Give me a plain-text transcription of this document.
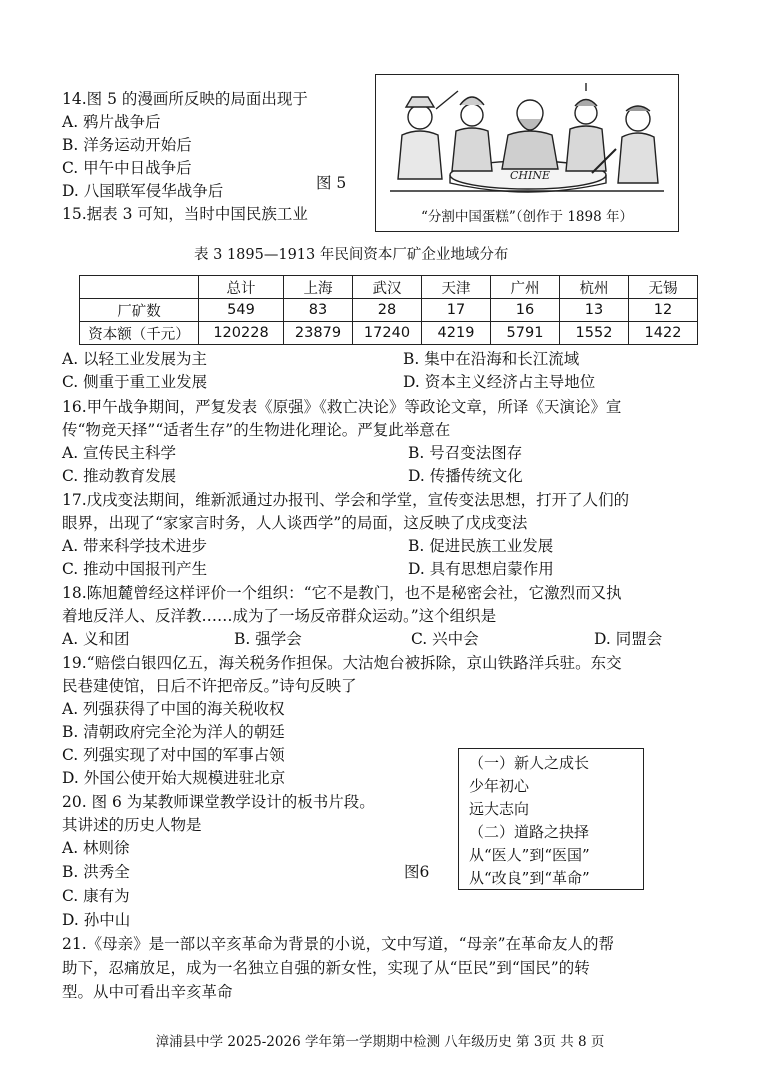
14.图 5 的漫画所反映的局面出现于
A. 鸦片战争后
B. 洋务运动开始后
C. 甲午中日战争后
D. 八国联军侵华战争后	图 5	CHINE
“分割中国蛋糕”（创作于 1898 年）
15.据表 3 可知，当时中国民族工业
表 3 1895—1913 年民间资本厂矿企业地域分布
	总计	上海	武汉	天津	广州	杭州	无锡
厂矿数	549	83	28	17	16	13	12
资本额（千元）	120228	23879	17240	4219	5791	1552	1422
A. 以轻工业发展为主	B. 集中在沿海和长江流域
C. 侧重于重工业发展	D. 资本主义经济占主导地位
16.甲午战争期间，严复发表《原强》《救亡决论》等政论文章，所译《天演论》宣
传“物竞天择”“适者生存”的生物进化理论。严复此举意在
A. 宣传民主科学	B. 号召变法图存
C. 推动教育发展	D. 传播传统文化
17.戊戌变法期间，维新派通过办报刊、学会和学堂，宣传变法思想，打开了人们的
眼界，出现了“家家言时务，人人谈西学”的局面，这反映了戊戌变法
A. 带来科学技术进步	B. 促进民族工业发展
C. 推动中国报刊产生	D. 具有思想启蒙作用
18.陈旭麓曾经这样评价一个组织：“它不是教门，也不是秘密会社，它激烈而又执
着地反洋人、反洋教……成为了一场反帝群众运动。”这个组织是
A. 义和团	B. 强学会	C. 兴中会	D. 同盟会
19.“赔偿白银四亿五，海关税务作担保。大沽炮台被拆除，京山铁路洋兵驻。东交
民巷建使馆，日后不许把帝反。”诗句反映了
A. 列强获得了中国的海关税收权
B. 清朝政府完全沦为洋人的朝廷
C. 列强实现了对中国的军事占领
D. 外国公使开始大规模进驻北京
20. 图 6 为某教师课堂教学设计的板书片段。
其讲述的历史人物是
A. 林则徐
B. 洪秀全
C. 康有为
D. 孙中山
图6
（一）新人之成长
少年初心
远大志向
（二）道路之抉择
从“医人”到“医国”
从“改良”到“革命”
21.《母亲》是一部以辛亥革命为背景的小说，文中写道，“母亲”在革命友人的帮
助下，忍痛放足，成为一名独立自强的新女性，实现了从“臣民”到“国民”的转
型。从中可看出辛亥革命
漳浦县中学 2025-2026 学年第一学期期中检测 八年级历史 第 3页 共 8 页
